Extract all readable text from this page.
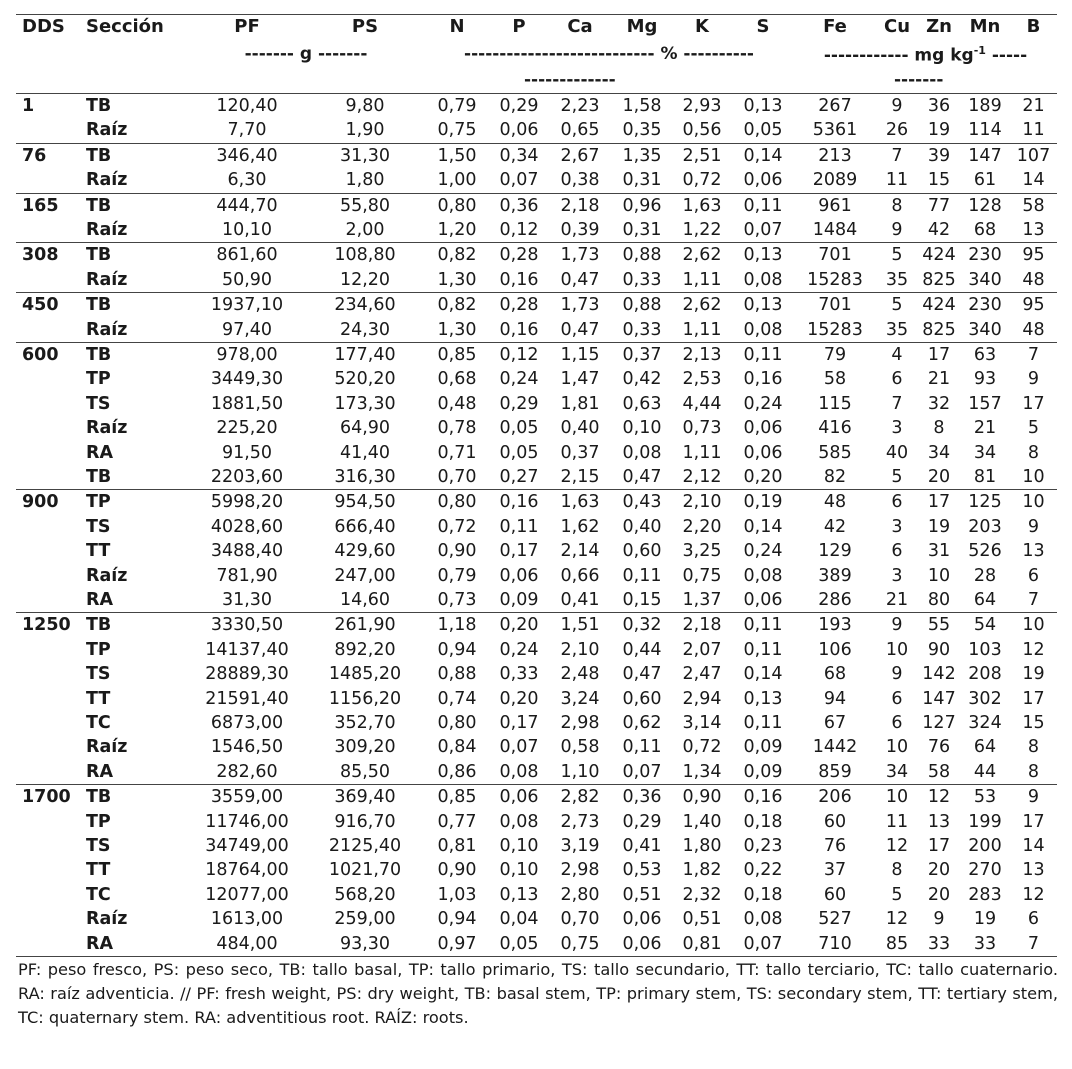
DDS	Sección	PF	PS	N	P	Ca	Mg	K	S	Fe	Cu	Zn	Mn	B
		------- g -------		--------------------------- % ----------						------------ mg $kg^{-1}$ -----				
				-------------						-------				
1	TB	120,40	9,80	0,79	0,29	2,23	1,58	2,93	0,13	267	9	36	189	21
	Raíz	7,70	1,90	0,75	0,06	0,65	0,35	0,56	0,05	5361	26	19	114	11
76	TB	346,40	31,30	1,50	0,34	2,67	1,35	2,51	0,14	213	7	39	147	107
	Raíz	6,30	1,80	1,00	0,07	0,38	0,31	0,72	0,06	2089	11	15	61	14
165	TB	444,70	55,80	0,80	0,36	2,18	0,96	1,63	0,11	961	8	77	128	58
	Raíz	10,10	2,00	1,20	0,12	0,39	0,31	1,22	0,07	1484	9	42	68	13
308	TB	861,60	108,80	0,82	0,28	1,73	0,88	2,62	0,13	701	5	424	230	95
	Raíz	50,90	12,20	1,30	0,16	0,47	0,33	1,11	0,08	15283	35	825	340	48
450	TB	1937,10	234,60	0,82	0,28	1,73	0,88	2,62	0,13	701	5	424	230	95
	Raíz	97,40	24,30	1,30	0,16	0,47	0,33	1,11	0,08	15283	35	825	340	48
600	TB	978,00	177,40	0,85	0,12	1,15	0,37	2,13	0,11	79	4	17	63	7
	TP	3449,30	520,20	0,68	0,24	1,47	0,42	2,53	0,16	58	6	21	93	9
	TS	1881,50	173,30	0,48	0,29	1,81	0,63	4,44	0,24	115	7	32	157	17
	Raíz	225,20	64,90	0,78	0,05	0,40	0,10	0,73	0,06	416	3	8	21	5
	RA	91,50	41,40	0,71	0,05	0,37	0,08	1,11	0,06	585	40	34	34	8
	TB	2203,60	316,30	0,70	0,27	2,15	0,47	2,12	0,20	82	5	20	81	10
900	TP	5998,20	954,50	0,80	0,16	1,63	0,43	2,10	0,19	48	6	17	125	10
	TS	4028,60	666,40	0,72	0,11	1,62	0,40	2,20	0,14	42	3	19	203	9
	TT	3488,40	429,60	0,90	0,17	2,14	0,60	3,25	0,24	129	6	31	526	13
	Raíz	781,90	247,00	0,79	0,06	0,66	0,11	0,75	0,08	389	3	10	28	6
	RA	31,30	14,60	0,73	0,09	0,41	0,15	1,37	0,06	286	21	80	64	7
1250	TB	3330,50	261,90	1,18	0,20	1,51	0,32	2,18	0,11	193	9	55	54	10
	TP	14137,40	892,20	0,94	0,24	2,10	0,44	2,07	0,11	106	10	90	103	12
	TS	28889,30	1485,20	0,88	0,33	2,48	0,47	2,47	0,14	68	9	142	208	19
	TT	21591,40	1156,20	0,74	0,20	3,24	0,60	2,94	0,13	94	6	147	302	17
	TC	6873,00	352,70	0,80	0,17	2,98	0,62	3,14	0,11	67	6	127	324	15
	Raíz	1546,50	309,20	0,84	0,07	0,58	0,11	0,72	0,09	1442	10	76	64	8
	RA	282,60	85,50	0,86	0,08	1,10	0,07	1,34	0,09	859	34	58	44	8
1700	TB	3559,00	369,40	0,85	0,06	2,82	0,36	0,90	0,16	206	10	12	53	9
	TP	11746,00	916,70	0,77	0,08	2,73	0,29	1,40	0,18	60	11	13	199	17
	TS	34749,00	2125,40	0,81	0,10	3,19	0,41	1,80	0,23	76	12	17	200	14
	TT	18764,00	1021,70	0,90	0,10	2,98	0,53	1,82	0,22	37	8	20	270	13
	TC	12077,00	568,20	1,03	0,13	2,80	0,51	2,32	0,18	60	5	20	283	12
	Raíz	1613,00	259,00	0,94	0,04	0,70	0,06	0,51	0,08	527	12	9	19	6
	RA	484,00	93,30	0,97	0,05	0,75	0,06	0,81	0,07	710	85	33	33	7
PF: peso fresco, PS: peso seco, TB: tallo basal, TP: tallo primario, TS: tallo secundario, TT: tallo terciario, TC: tallo cuaternario. RA: raíz adventicia. // PF: fresh weight, PS: dry weight, TB: basal stem, TP: primary stem, TS: secondary stem, TT: tertiary stem, TC: quaternary stem. RA: adventitious root. RAÍZ: roots.
